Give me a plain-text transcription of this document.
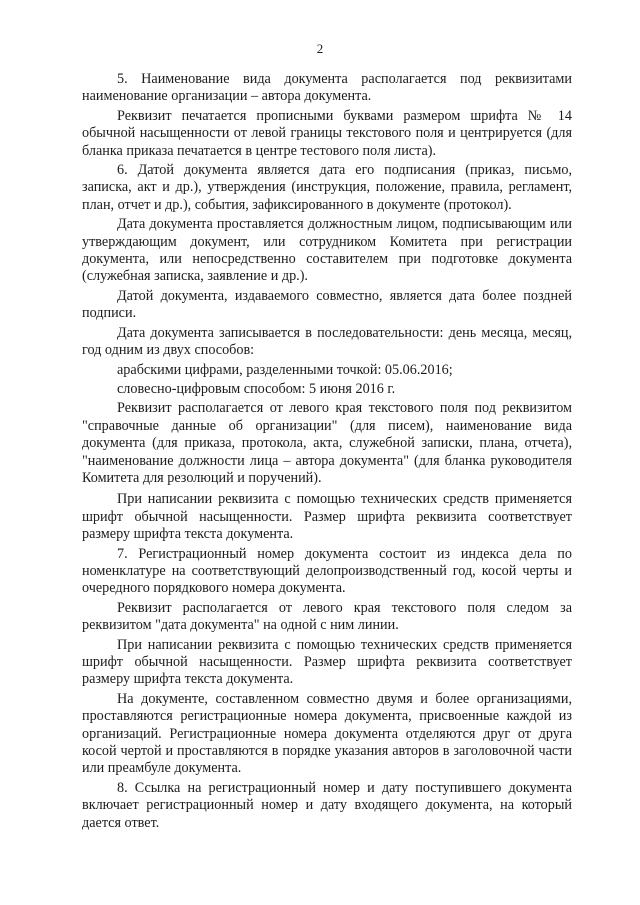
2

5. Наименование вида документа располагается под реквизитами наименование организации – автора документа.

Реквизит печатается прописными буквами размером шрифта № 14 обычной насыщенности от левой границы текстового поля и центрируется (для бланка приказа печатается в центре тестового поля листа).

6. Датой документа является дата его подписания (приказ, письмо, записка, акт и др.), утверждения (инструкция, положение, правила, регламент, план, отчет и др.), события, зафиксированного в документе (протокол).

Дата документа проставляется должностным лицом, подписывающим или утверждающим документ, или сотрудником Комитета при регистрации документа, или непосредственно составителем при подготовке документа (служебная записка, заявление и др.).

Датой документа, издаваемого совместно, является дата более поздней подписи.

Дата документа записывается в последовательности: день месяца, месяц, год одним из двух способов:

арабскими цифрами, разделенными точкой: 05.06.2016;

словесно-цифровым способом: 5 июня 2016 г.

Реквизит располагается от левого края текстового поля под реквизитом "справочные данные об организации" (для писем), наименование вида документа (для приказа, протокола, акта, служебной записки, плана, отчета), "наименование должности лица – автора документа" (для бланка руководителя Комитета для резолюций и поручений).

При написании реквизита с помощью технических средств применяется шрифт обычной насыщенности. Размер шрифта реквизита соответствует размеру шрифта текста документа.

7. Регистрационный номер документа состоит из индекса дела по номенклатуре на соответствующий делопроизводственный год, косой черты и очередного порядкового номера документа.

Реквизит располагается от левого края текстового поля следом за реквизитом "дата документа" на одной с ним линии.

При написании реквизита с помощью технических средств применяется шрифт обычной насыщенности. Размер шрифта реквизита соответствует размеру шрифта текста документа.

На документе, составленном совместно двумя и более организациями, проставляются регистрационные номера документа, присвоенные каждой из организаций. Регистрационные номера документа отделяются друг от друга косой чертой и проставляются в порядке указания авторов в заголовочной части или преамбуле документа.

8. Ссылка на регистрационный номер и дату поступившего документа включает регистрационный номер и дату входящего документа, на который дается ответ.
